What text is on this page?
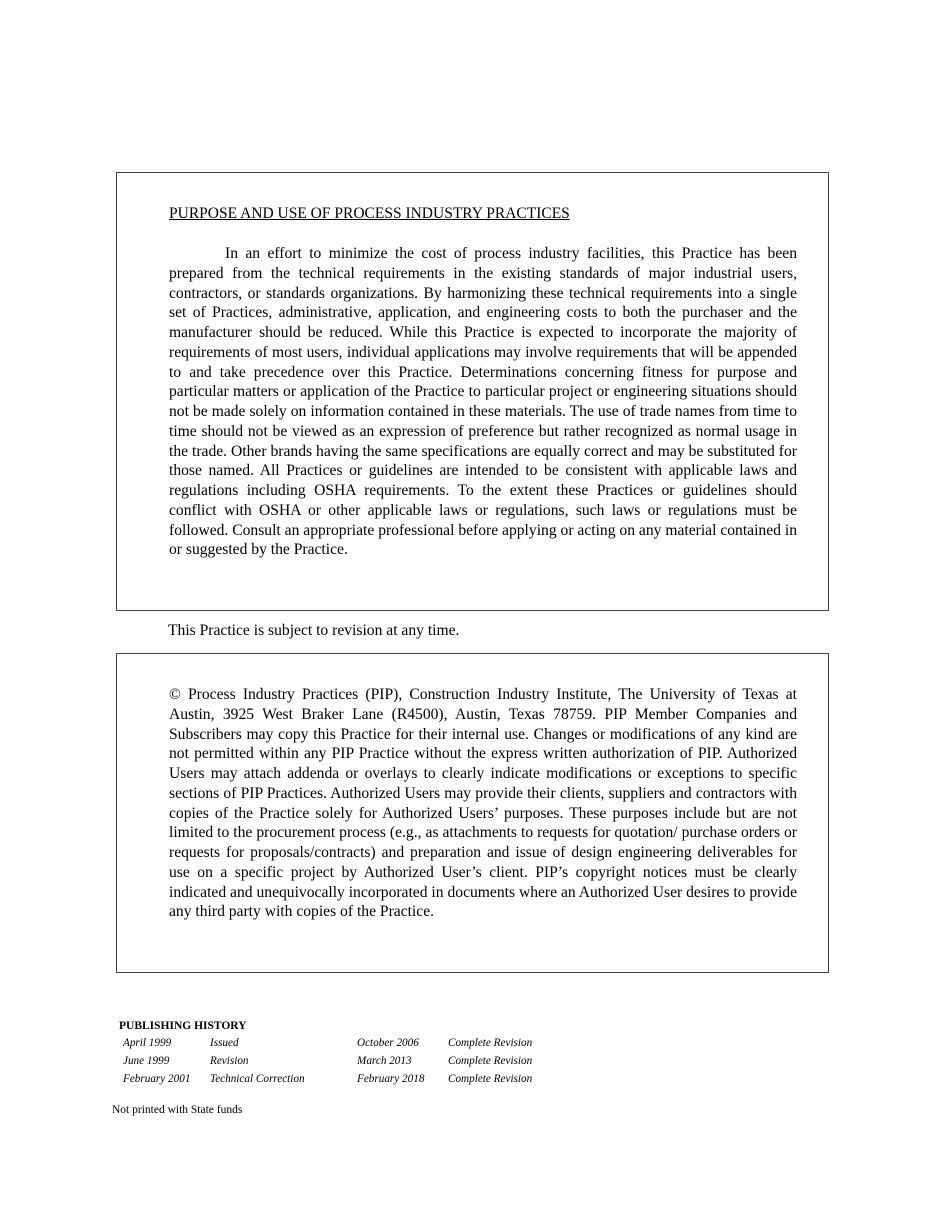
PURPOSE AND USE OF PROCESS INDUSTRY PRACTICES

In an effort to minimize the cost of process industry facilities, this Practice has been prepared from the technical requirements in the existing standards of major industrial users, contractors, or standards organizations. By harmonizing these technical requirements into a single set of Practices, administrative, application, and engineering costs to both the purchaser and the manufacturer should be reduced. While this Practice is expected to incorporate the majority of requirements of most users, individual applications may involve requirements that will be appended to and take precedence over this Practice. Determinations concerning fitness for purpose and particular matters or application of the Practice to particular project or engineering situations should not be made solely on information contained in these materials. The use of trade names from time to time should not be viewed as an expression of preference but rather recognized as normal usage in the trade. Other brands having the same specifications are equally correct and may be substituted for those named. All Practices or guidelines are intended to be consistent with applicable laws and regulations including OSHA requirements. To the extent these Practices or guidelines should conflict with OSHA or other applicable laws or regulations, such laws or regulations must be followed. Consult an appropriate professional before applying or acting on any material contained in or suggested by the Practice.

This Practice is subject to revision at any time.

© Process Industry Practices (PIP), Construction Industry Institute, The University of Texas at Austin, 3925 West Braker Lane (R4500), Austin, Texas 78759. PIP Member Companies and Subscribers may copy this Practice for their internal use. Changes or modifications of any kind are not permitted within any PIP Practice without the express written authorization of PIP. Authorized Users may attach addenda or overlays to clearly indicate modifications or exceptions to specific sections of PIP Practices. Authorized Users may provide their clients, suppliers and contractors with copies of the Practice solely for Authorized Users’ purposes. These purposes include but are not limited to the procurement process (e.g., as attachments to requests for quotation/ purchase orders or requests for proposals/contracts) and preparation and issue of design engineering deliverables for use on a specific project by Authorized User’s client. PIP’s copyright notices must be clearly indicated and unequivocally incorporated in documents where an Authorized User desires to provide any third party with copies of the Practice.

PUBLISHING HISTORY
April 1999
June 1999
February 2001
Issued
Revision
Technical Correction
October 2006
March 2013
February 2018
Complete Revision
Complete Revision
Complete Revision
Not printed with State funds
